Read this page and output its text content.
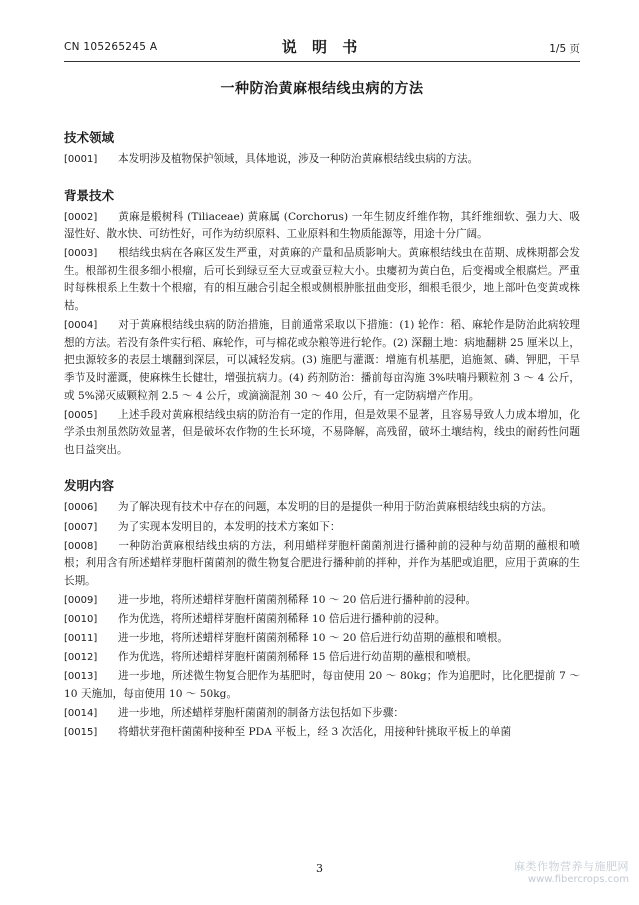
CN 105265245 A	说 明 书	1/5 页
一种防治黄麻根结线虫病的方法
技术领域
[0001] 本发明涉及植物保护领域，具体地说，涉及一种防治黄麻根结线虫病的方法。
背景技术
[0002] 黄麻是椴树科 (Tiliaceae) 黄麻属 (Corchorus) 一年生韧皮纤维作物，其纤维细软、强力大、吸湿性好、散水快、可纺性好，可作为纺织原料、工业原料和生物质能源等，用途十分广阔。
[0003] 根结线虫病在各麻区发生严重，对黄麻的产量和品质影响大。黄麻根结线虫在苗期、成株期都会发生。根部初生很多细小根瘤，后可长到绿豆至大豆或蚕豆粒大小。虫瘿初为黄白色，后变褐或全根腐烂。严重时每株根系上生数十个根瘤，有的相互融合引起全根或侧根肿胀扭曲变形，细根毛很少，地上部叶色变黄或株枯。
[0004] 对于黄麻根结线虫病的防治措施，目前通常采取以下措施：(1) 轮作：稻、麻轮作是防治此病较理想的方法。若没有条件实行稻、麻轮作，可与棉花或杂粮等进行轮作。(2) 深翻土地：病地翻耕 25 厘米以上，把虫源较多的表层土壤翻到深层，可以减轻发病。(3) 施肥与灌溉：增施有机基肥，追施氮、磷、钾肥，干旱季节及时灌溉，使麻株生长健壮，增强抗病力。(4) 药剂防治：播前每亩沟施 3%呋喃丹颗粒剂 3 ～ 4 公斤，或 5%涕灭威颗粒剂 2.5 ～ 4 公斤，或滴滴混剂 30 ～ 40 公斤，有一定防病增产作用。
[0005] 上述手段对黄麻根结线虫病的防治有一定的作用，但是效果不显著，且容易导致人力成本增加，化学杀虫剂虽然防效显著，但是破坏农作物的生长环境，不易降解，高残留，破坏土壤结构，线虫的耐药性问题也日益突出。
发明内容
[0006] 为了解决现有技术中存在的问题，本发明的目的是提供一种用于防治黄麻根结线虫病的方法。
[0007] 为了实现本发明目的，本发明的技术方案如下：
[0008] 一种防治黄麻根结线虫病的方法，利用蜡样芽胞杆菌菌剂进行播种前的浸种与幼苗期的蘸根和喷根；利用含有所述蜡样芽胞杆菌菌剂的微生物复合肥进行播种前的拌种，并作为基肥或追肥，应用于黄麻的生长期。
[0009] 进一步地，将所述蜡样芽胞杆菌菌剂稀释 10 ～ 20 倍后进行播种前的浸种。
[0010] 作为优选，将所述蜡样芽胞杆菌菌剂稀释 10 倍后进行播种前的浸种。
[0011] 进一步地，将所述蜡样芽胞杆菌菌剂稀释 10 ～ 20 倍后进行幼苗期的蘸根和喷根。
[0012] 作为优选，将所述蜡样芽胞杆菌菌剂稀释 15 倍后进行幼苗期的蘸根和喷根。
[0013] 进一步地，所述微生物复合肥作为基肥时，每亩使用 20 ～ 80kg；作为追肥时，比化肥提前 7 ～ 10 天施加，每亩使用 10 ～ 50kg。
[0014] 进一步地，所述蜡样芽胞杆菌菌剂的制备方法包括如下步骤：
[0015] 将蜡状芽孢杆菌菌种接种至 PDA 平板上，经 3 次活化，用接种针挑取平板上的单菌
3	麻类作物营养与施肥网
www.fibercrops.com
